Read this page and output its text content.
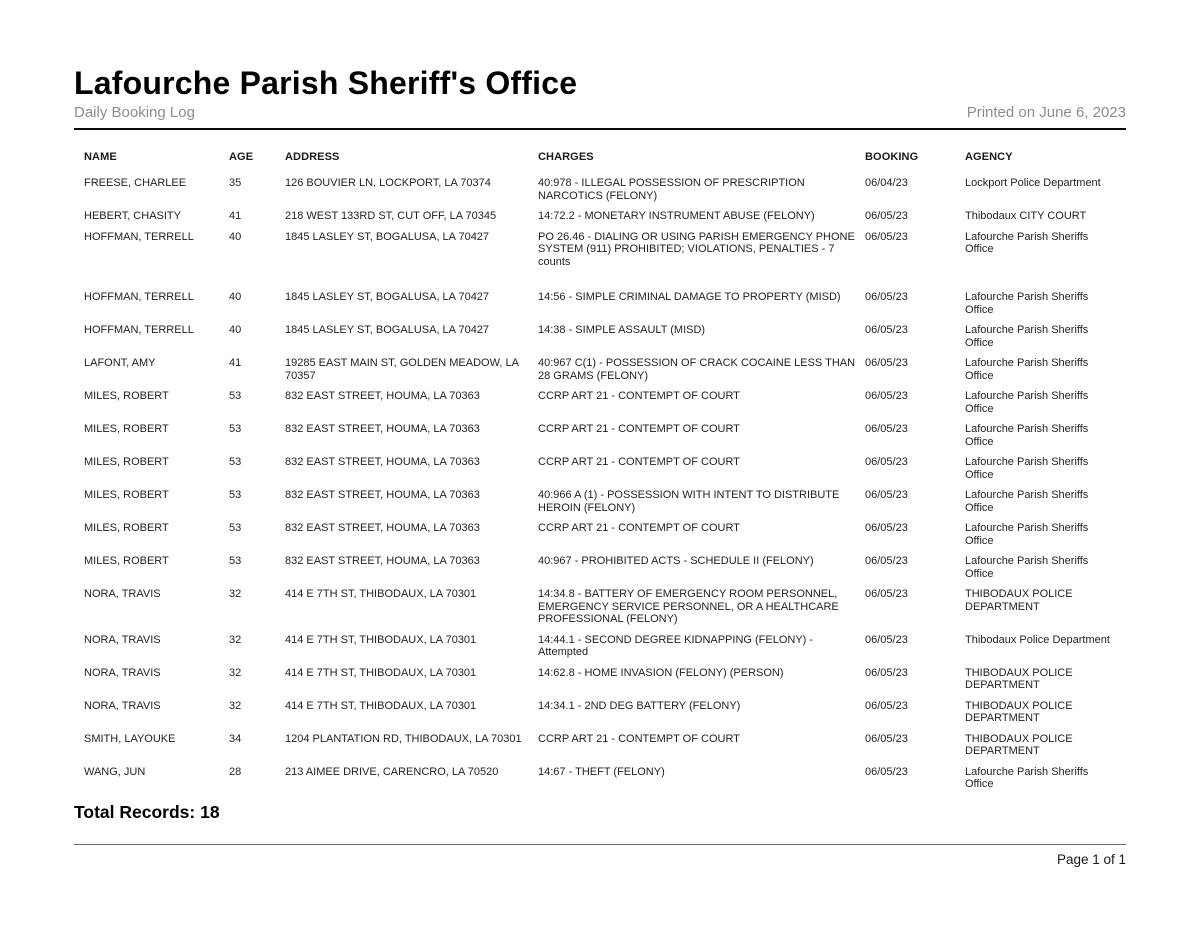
Lafourche Parish Sheriff's Office
Daily Booking Log	Printed on June 6, 2023
NAME	AGE	ADDRESS	CHARGES	BOOKING	AGENCY
FREESE, CHARLEE	35	126 BOUVIER LN, LOCKPORT, LA 70374	40:978 - ILLEGAL POSSESSION OF PRESCRIPTION NARCOTICS (FELONY)	06/04/23	Lockport Police Department
HEBERT, CHASITY	41	218 WEST 133RD ST, CUT OFF, LA 70345	14:72.2 - MONETARY INSTRUMENT ABUSE (FELONY)	06/05/23	Thibodaux CITY COURT
HOFFMAN, TERRELL	40	1845 LASLEY ST, BOGALUSA, LA 70427	PO 26.46 - DIALING OR USING PARISH EMERGENCY PHONE SYSTEM (911) PROHIBITED; VIOLATIONS, PENALTIES - 7 counts	06/05/23	Lafourche Parish Sheriffs Office
HOFFMAN, TERRELL	40	1845 LASLEY ST, BOGALUSA, LA 70427	14:56 - SIMPLE CRIMINAL DAMAGE TO PROPERTY (MISD)	06/05/23	Lafourche Parish Sheriffs Office
HOFFMAN, TERRELL	40	1845 LASLEY ST, BOGALUSA, LA 70427	14:38 - SIMPLE ASSAULT (MISD)	06/05/23	Lafourche Parish Sheriffs Office
LAFONT, AMY	41	19285 EAST MAIN ST, GOLDEN MEADOW, LA 70357	40:967 C(1) - POSSESSION OF CRACK COCAINE LESS THAN 28 GRAMS (FELONY)	06/05/23	Lafourche Parish Sheriffs Office
MILES, ROBERT	53	832 EAST STREET, HOUMA, LA 70363	CCRP ART 21 - CONTEMPT OF COURT	06/05/23	Lafourche Parish Sheriffs Office
MILES, ROBERT	53	832 EAST STREET, HOUMA, LA 70363	CCRP ART 21 - CONTEMPT OF COURT	06/05/23	Lafourche Parish Sheriffs Office
MILES, ROBERT	53	832 EAST STREET, HOUMA, LA 70363	CCRP ART 21 - CONTEMPT OF COURT	06/05/23	Lafourche Parish Sheriffs Office
MILES, ROBERT	53	832 EAST STREET, HOUMA, LA 70363	40:966 A (1) - POSSESSION WITH INTENT TO DISTRIBUTE HEROIN (FELONY)	06/05/23	Lafourche Parish Sheriffs Office
MILES, ROBERT	53	832 EAST STREET, HOUMA, LA 70363	CCRP ART 21 - CONTEMPT OF COURT	06/05/23	Lafourche Parish Sheriffs Office
MILES, ROBERT	53	832 EAST STREET, HOUMA, LA 70363	40:967 - PROHIBITED ACTS - SCHEDULE II (FELONY)	06/05/23	Lafourche Parish Sheriffs Office
NORA, TRAVIS	32	414 E 7TH ST, THIBODAUX, LA 70301	14:34.8 - BATTERY OF EMERGENCY ROOM PERSONNEL, EMERGENCY SERVICE PERSONNEL, OR A HEALTHCARE PROFESSIONAL (FELONY)	06/05/23	THIBODAUX POLICE DEPARTMENT
NORA, TRAVIS	32	414 E 7TH ST, THIBODAUX, LA 70301	14:44.1 - SECOND DEGREE KIDNAPPING (FELONY) - Attempted	06/05/23	Thibodaux Police Department
NORA, TRAVIS	32	414 E 7TH ST, THIBODAUX, LA 70301	14:62.8 - HOME INVASION (FELONY) (PERSON)	06/05/23	THIBODAUX POLICE DEPARTMENT
NORA, TRAVIS	32	414 E 7TH ST, THIBODAUX, LA 70301	14:34.1 - 2ND DEG BATTERY (FELONY)	06/05/23	THIBODAUX POLICE DEPARTMENT
SMITH, LAYOUKE	34	1204 PLANTATION RD, THIBODAUX, LA 70301	CCRP ART 21 - CONTEMPT OF COURT	06/05/23	THIBODAUX POLICE DEPARTMENT
WANG, JUN	28	213 AIMEE DRIVE, CARENCRO, LA 70520	14:67 - THEFT (FELONY)	06/05/23	Lafourche Parish Sheriffs Office
Total Records: 18
Page 1 of 1
